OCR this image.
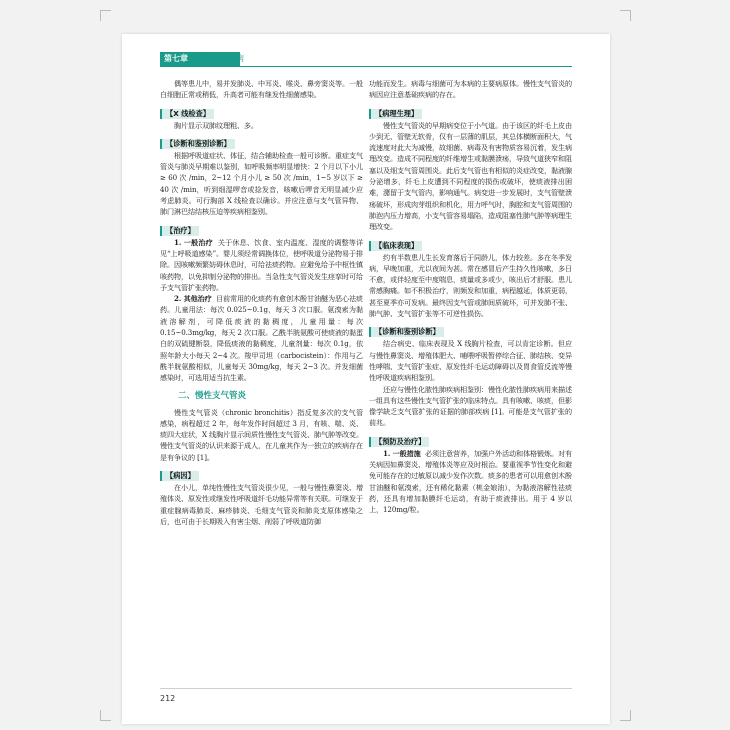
第七章 感染性疾病

偶等患儿中，易并发肺炎、中耳炎、喉炎、鼻旁窦炎等。一般白细胞正常或稍低，升高者可能有继发性细菌感染。

【X 线检查】

胸片显示双肺纹理粗、多。

【诊断和鉴别诊断】

根据呼吸道症状、体征，结合辅助检查一般可诊断。重症支气管炎与肺炎早期难以鉴别，如呼吸频率明显增快：2 个月以下小儿 ≥ 60 次 /min，2~12 个月小儿 ≥ 50 次 /min，1~5 岁以下 ≥ 40 次 /min，听到细湿啰音或捻发音，咳嗽后啰音无明显减少应考虑肺炎。可行胸部 X 线检查以确诊。并应注意与支气管异物、肺门淋巴结结核压迫等疾病相鉴别。

【治疗】

1. 一般治疗 关于休息、饮食、室内温度、湿度的调整等详见“上呼吸道感染”。婴儿须经常调换体位，使呼吸道分泌物易于排除。因咳嗽频繁妨碍休息时，可给祛痰药物。应避免给予中枢性镇咳药物，以免抑制分泌物的排出。当急性支气管炎发生痉挛时可给予支气管扩张药物。

2. 其他治疗 目前常用的化痰药有愈创木酚甘油醚为恶心祛痰药。儿童用法：每次 0.025~0.1g，每天 3 次口服。氨溴索为黏液溶解剂，可降低痰液的黏稠度，儿童用量：每次 0.15~0.3mg/kg，每天 2 次口服。乙酰半胱氨酸可使痰液的黏蛋白的双硫键断裂，降低痰液的黏稠度，儿童剂量：每次 0.1g，依照年龄大小每天 2~4 次。羧甲司坦（carbocistein）：作用与乙酰半胱氨酸相似，儿童每天 30mg/kg，每天 2~3 次。并发细菌感染时，可选用适当抗生素。

二、慢性支气管炎

慢性支气管炎（chronic bronchitis）指反复多次的支气管感染，病程超过 2 年，每年发作时间超过 3 月，有咳、喘、炎、痰四大症状，X 线胸片显示间质性慢性支气管炎、肺气肿等改变。慢性支气管炎的认识来源于成人，在儿童其作为一独立的疾病存在是有争议的 [1]。

【病因】

在小儿，单纯性慢性支气管炎很少见，一般与慢性鼻窦炎、增殖体炎、原发性或继发性呼吸道纤毛功能异常等有关联。可继发于重症腺病毒肺炎、麻疹肺炎、毛细支气管炎和肺炎支原体感染之后，也可由于长期吸入有害尘烟、削弱了呼吸道防御

功能而发生。病毒与细菌可为本病的主要病原体。慢性支气管炎的病因应注意基础疾病的存在。

【病理生理】

慢性支气管炎的早期病变位于小气道。由于该区的纤毛上皮由少到无、管壁无软骨，仅有一层薄的肌层，其总体横断面积大，气流速度对此大为减慢，故细菌、病毒及有害物质容易沉着，发生病理改变。造成不同程度的纤维增生或黏膜溃疡，导致气道狭窄和阻塞以及细支气管周围炎。此后支气管也有相似的炎症改变，黏液腺分泌增多，纤毛上皮遭到不同程度的损伤或破坏，使痰液排出困难，潴留于支气管内，影响通气。病变进一步发展时，支气管壁溃疡破坏，形成肉芽组织和机化，用力呼气时，胸腔和支气管周围的肺泡内压力增高，小支气管容易塌陷，造成阻塞性肺气肿等病理生理改变。

【临床表现】

约有半数患儿生长发育落后于同龄儿，体力较差。多在冬季发病，早晚加重，尤以夜间为甚。常在感冒后产生持久性咳嗽，多日不愈，或伴轻度至中度喘息，痰量或多或少，咳出后才舒服。患儿常感胸痛。如不积极治疗，则频发和加重，病程越延，体质更弱，甚至夏季亦可发病。最终因支气管或肺间质破坏，可并发肺不张、肺气肿、支气管扩张等不可逆性损伤。

【诊断和鉴别诊断】

结合病史、临床表现及 X 线胸片检查，可以肯定诊断。但应与慢性鼻窦炎、增殖体肥大、哺喂呼吸暂停综合征、肺结核、变异性哮喘、支气管扩张症、原发性纤毛运动障碍以及胃食管反流等慢性呼吸道疾病相鉴别。

还应与慢性化脓性肺疾病相鉴别：慢性化脓性肺疾病用来描述一组具有这些慢性支气管扩张的临床特点。具有咳嗽、咳痰，但影像学缺乏支气管扩张的证据的肺部疾病 [1]。可能是支气管扩张的前兆。

【预防及治疗】

1. 一般措施 必须注意营养，加强户外活动和体格锻炼。对有关病因如鼻窦炎、增殖体炎等应及时根治。要重视季节性变化和避免可能存在的过敏原以减少发作次数。痰多的患者可以用愈创木酚甘油醚和氨溴索，还有稀化黏素（桃金娘油），为黏液溶解性祛痰药，还具有增加黏膜纤毛运动，有助于痰液排出。用于 4 岁以上，120mg/粒。

212
